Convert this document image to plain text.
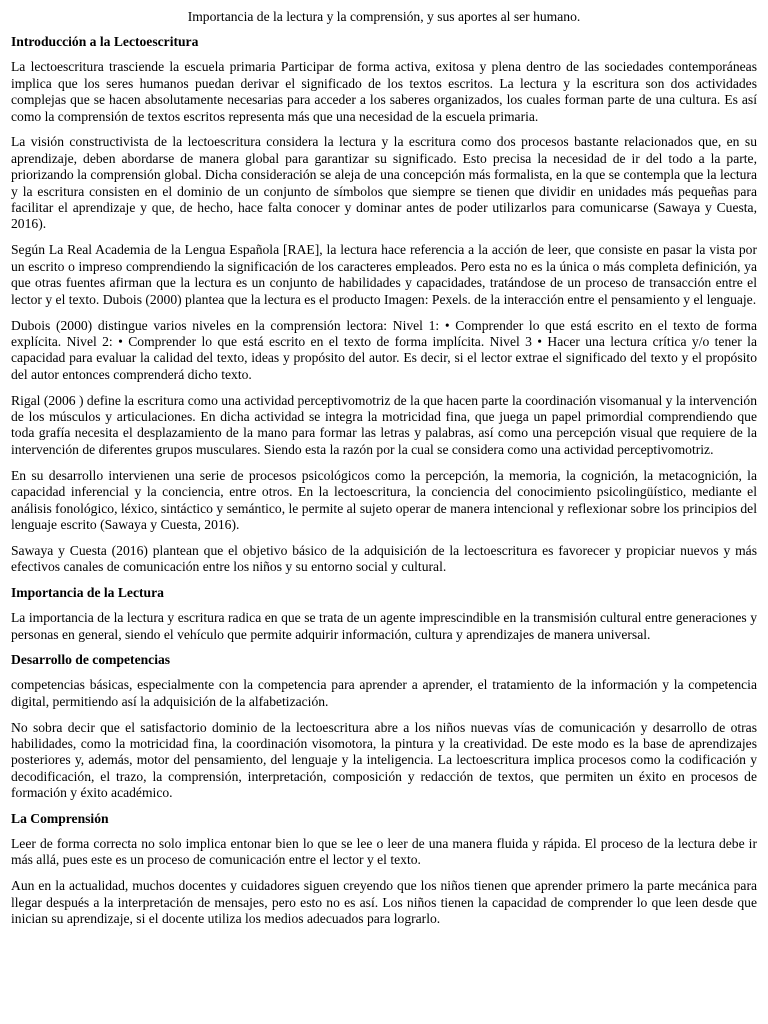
Importancia de la lectura y la comprensión, y sus aportes al ser humano.
Introducción a la Lectoescritura

La lectoescritura trasciende la escuela primaria Participar de forma activa, exitosa y plena dentro de las sociedades contemporáneas implica que los seres humanos puedan derivar el significado de los textos escritos. La lectura y la escritura son dos actividades complejas que se hacen absolutamente necesarias para acceder a los saberes organizados, los cuales forman parte de una cultura. Es así como la comprensión de textos escritos representa más que una necesidad de la escuela primaria.

La visión constructivista de la lectoescritura considera la lectura y la escritura como dos procesos bastante relacionados que, en su aprendizaje, deben abordarse de manera global para garantizar su significado. Esto precisa la necesidad de ir del todo a la parte, priorizando la comprensión global. Dicha consideración se aleja de una concepción más formalista, en la que se contempla que la lectura y la escritura consisten en el dominio de un conjunto de símbolos que siempre se tienen que dividir en unidades más pequeñas para facilitar el aprendizaje y que, de hecho, hace falta conocer y dominar antes de poder utilizarlos para comunicarse (Sawaya y Cuesta, 2016).

Según La Real Academia de la Lengua Española [RAE], la lectura hace referencia a la acción de leer, que consiste en pasar la vista por un escrito o impreso comprendiendo la significación de los caracteres empleados. Pero esta no es la única o más completa definición, ya que otras fuentes afirman que la lectura es un conjunto de habilidades y capacidades, tratándose de un proceso de transacción entre el lector y el texto. Dubois (2000) plantea que la lectura es el producto Imagen: Pexels. de la interacción entre el pensamiento y el lenguaje.

Dubois (2000) distingue varios niveles en la comprensión lectora: Nivel 1: • Comprender lo que está escrito en el texto de forma explícita. Nivel 2: • Comprender lo que está escrito en el texto de forma implícita. Nivel 3 • Hacer una lectura crítica y/o tener la capacidad para evaluar la calidad del texto, ideas y propósito del autor. Es decir, si el lector extrae el significado del texto y el propósito del autor entonces comprenderá dicho texto.

Rigal (2006 ) define la escritura como una actividad perceptivomotriz de la que hacen parte la coordinación visomanual y la intervención de los músculos y articulaciones. En dicha actividad se integra la motricidad fina, que juega un papel primordial comprendiendo que toda grafía necesita el desplazamiento de la mano para formar las letras y palabras, así como una percepción visual que requiere de la intervención de diferentes grupos musculares. Siendo esta la razón por la cual se considera como una actividad perceptivomotriz.

En su desarrollo intervienen una serie de procesos psicológicos como la percepción, la memoria, la cognición, la metacognición, la capacidad inferencial y la conciencia, entre otros. En la lectoescritura, la conciencia del conocimiento psicolingüístico, mediante el análisis fonológico, léxico, sintáctico y semántico, le permite al sujeto operar de manera intencional y reflexionar sobre los principios del lenguaje escrito (Sawaya y Cuesta, 2016).

Sawaya y Cuesta (2016) plantean que el objetivo básico de la adquisición de la lectoescritura es favorecer y propiciar nuevos y más efectivos canales de comunicación entre los niños y su entorno social y cultural.

Importancia de la Lectura

La importancia de la lectura y escritura radica en que se trata de un agente imprescindible en la transmisión cultural entre generaciones y personas en general, siendo el vehículo que permite adquirir información, cultura y aprendizajes de manera universal.

Desarrollo de competencias

competencias básicas, especialmente con la competencia para aprender a aprender, el tratamiento de la información y la competencia digital, permitiendo así la adquisición de la alfabetización.

No sobra decir que el satisfactorio dominio de la lectoescritura abre a los niños nuevas vías de comunicación y desarrollo de otras habilidades, como la motricidad fina, la coordinación visomotora, la pintura y la creatividad. De este modo es la base de aprendizajes posteriores y, además, motor del pensamiento, del lenguaje y la inteligencia. La lectoescritura implica procesos como la codificación y decodificación, el trazo, la comprensión, interpretación, composición y redacción de textos, que permiten un éxito en procesos de formación y éxito académico.

La Comprensión

Leer de forma correcta no solo implica entonar bien lo que se lee o leer de una manera fluida y rápida. El proceso de la lectura debe ir más allá, pues este es un proceso de comunicación entre el lector y el texto.

Aun en la actualidad, muchos docentes y cuidadores siguen creyendo que los niños tienen que aprender primero la parte mecánica para llegar después a la interpretación de mensajes, pero esto no es así. Los niños tienen la capacidad de comprender lo que leen desde que inician su aprendizaje, si el docente utiliza los medios adecuados para lograrlo.
